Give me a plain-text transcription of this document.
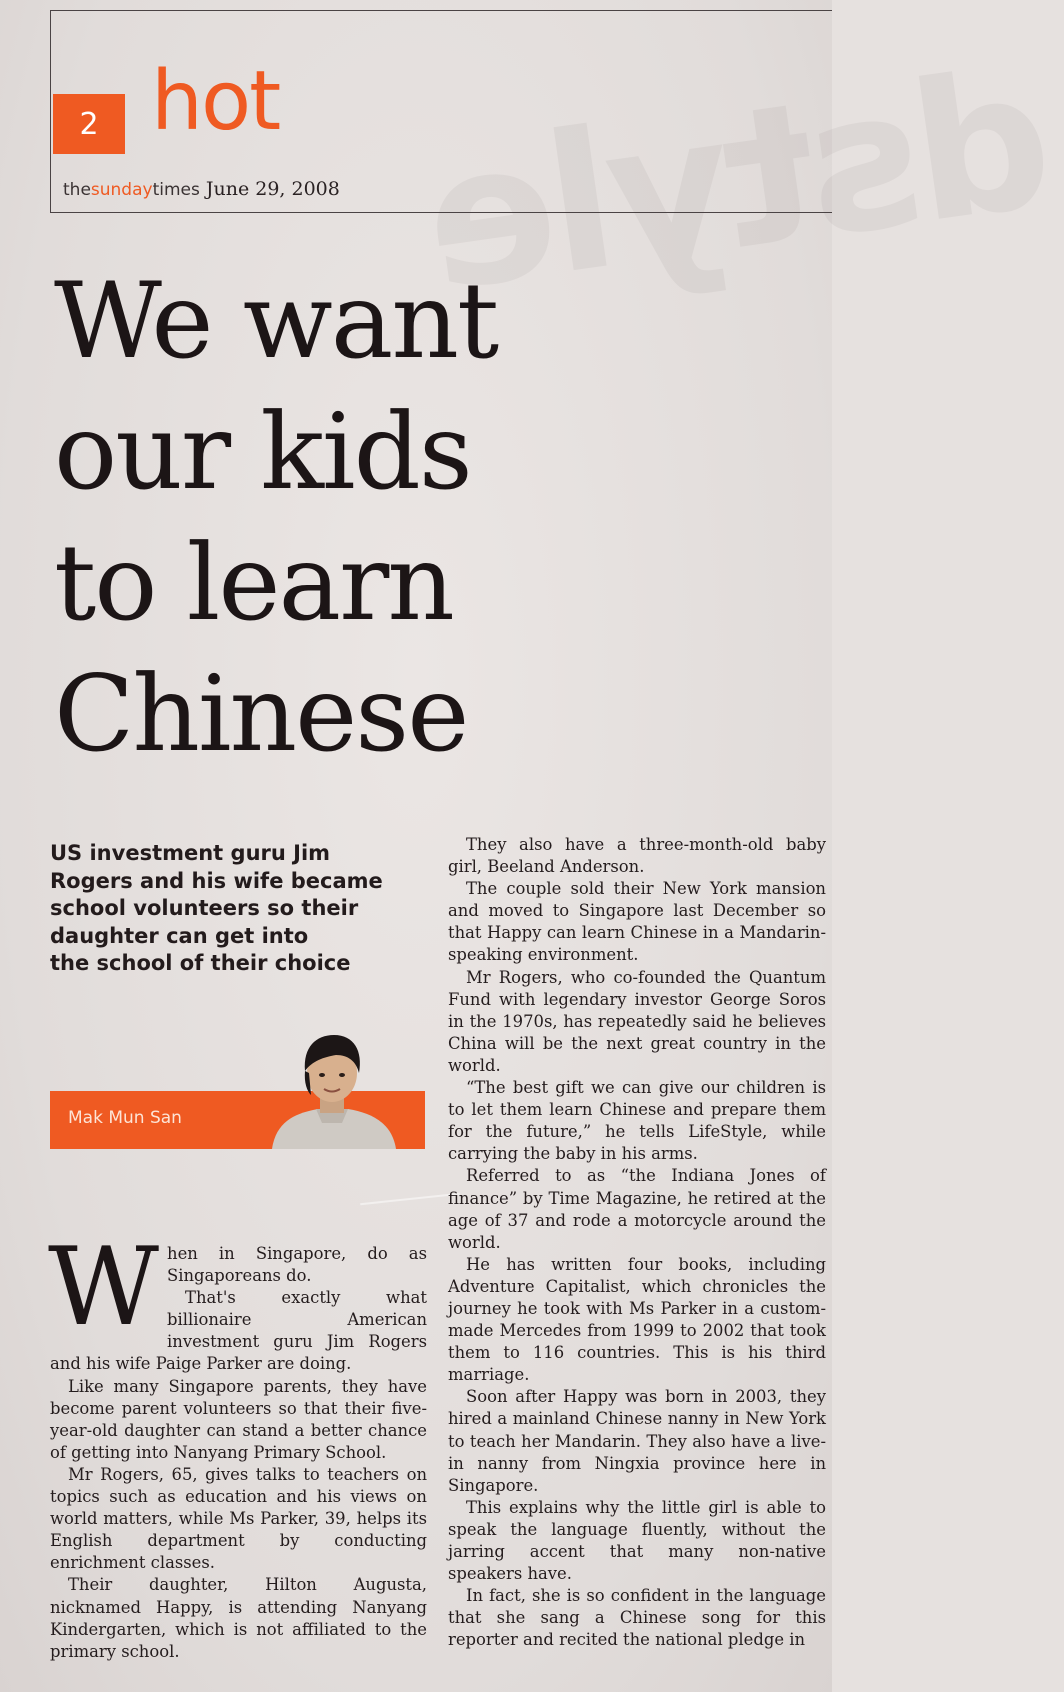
dstyle
2 hot
thesundaytimes June 29, 2008
We want
our kids
to learn
Chinese
US investment guru Jim
Rogers and his wife became
school volunteers so their
daughter can get into
the school of their choice
Mak Mun San

When in Singapore, do as Singaporeans do.

That's exactly what billionaire American investment guru Jim Rogers and his wife Paige Parker are doing.

Like many Singapore parents, they have become parent volunteers so that their five-year-old daughter can stand a better chance of getting into Nanyang Primary School.

Mr Rogers, 65, gives talks to teachers on topics such as education and his views on world matters, while Ms Parker, 39, helps its English department by conducting enrichment classes.

Their daughter, Hilton Augusta, nicknamed Happy, is attending Nanyang Kindergarten, which is not affiliated to the primary school.

They also have a three-month-old baby girl, Beeland Anderson.

The couple sold their New York mansion and moved to Singapore last December so that Happy can learn Chinese in a Mandarin-speaking environment.

Mr Rogers, who co-founded the Quantum Fund with legendary investor George Soros in the 1970s, has repeatedly said he believes China will be the next great country in the world.

“The best gift we can give our children is to let them learn Chinese and prepare them for the future,” he tells LifeStyle, while carrying the baby in his arms.

Referred to as “the Indiana Jones of finance” by Time Magazine, he retired at the age of 37 and rode a motorcycle around the world.

He has written four books, including Adventure Capitalist, which chronicles the journey he took with Ms Parker in a custom-made Mercedes from 1999 to 2002 that took them to 116 countries. This is his third marriage.

Soon after Happy was born in 2003, they hired a mainland Chinese nanny in New York to teach her Mandarin. They also have a live-in nanny from Ningxia province here in Singapore.

This explains why the little girl is able to speak the language fluently, without the jarring accent that many non-native speakers have.

In fact, she is so confident in the language that she sang a Chinese song for this reporter and recited the national pledge in
